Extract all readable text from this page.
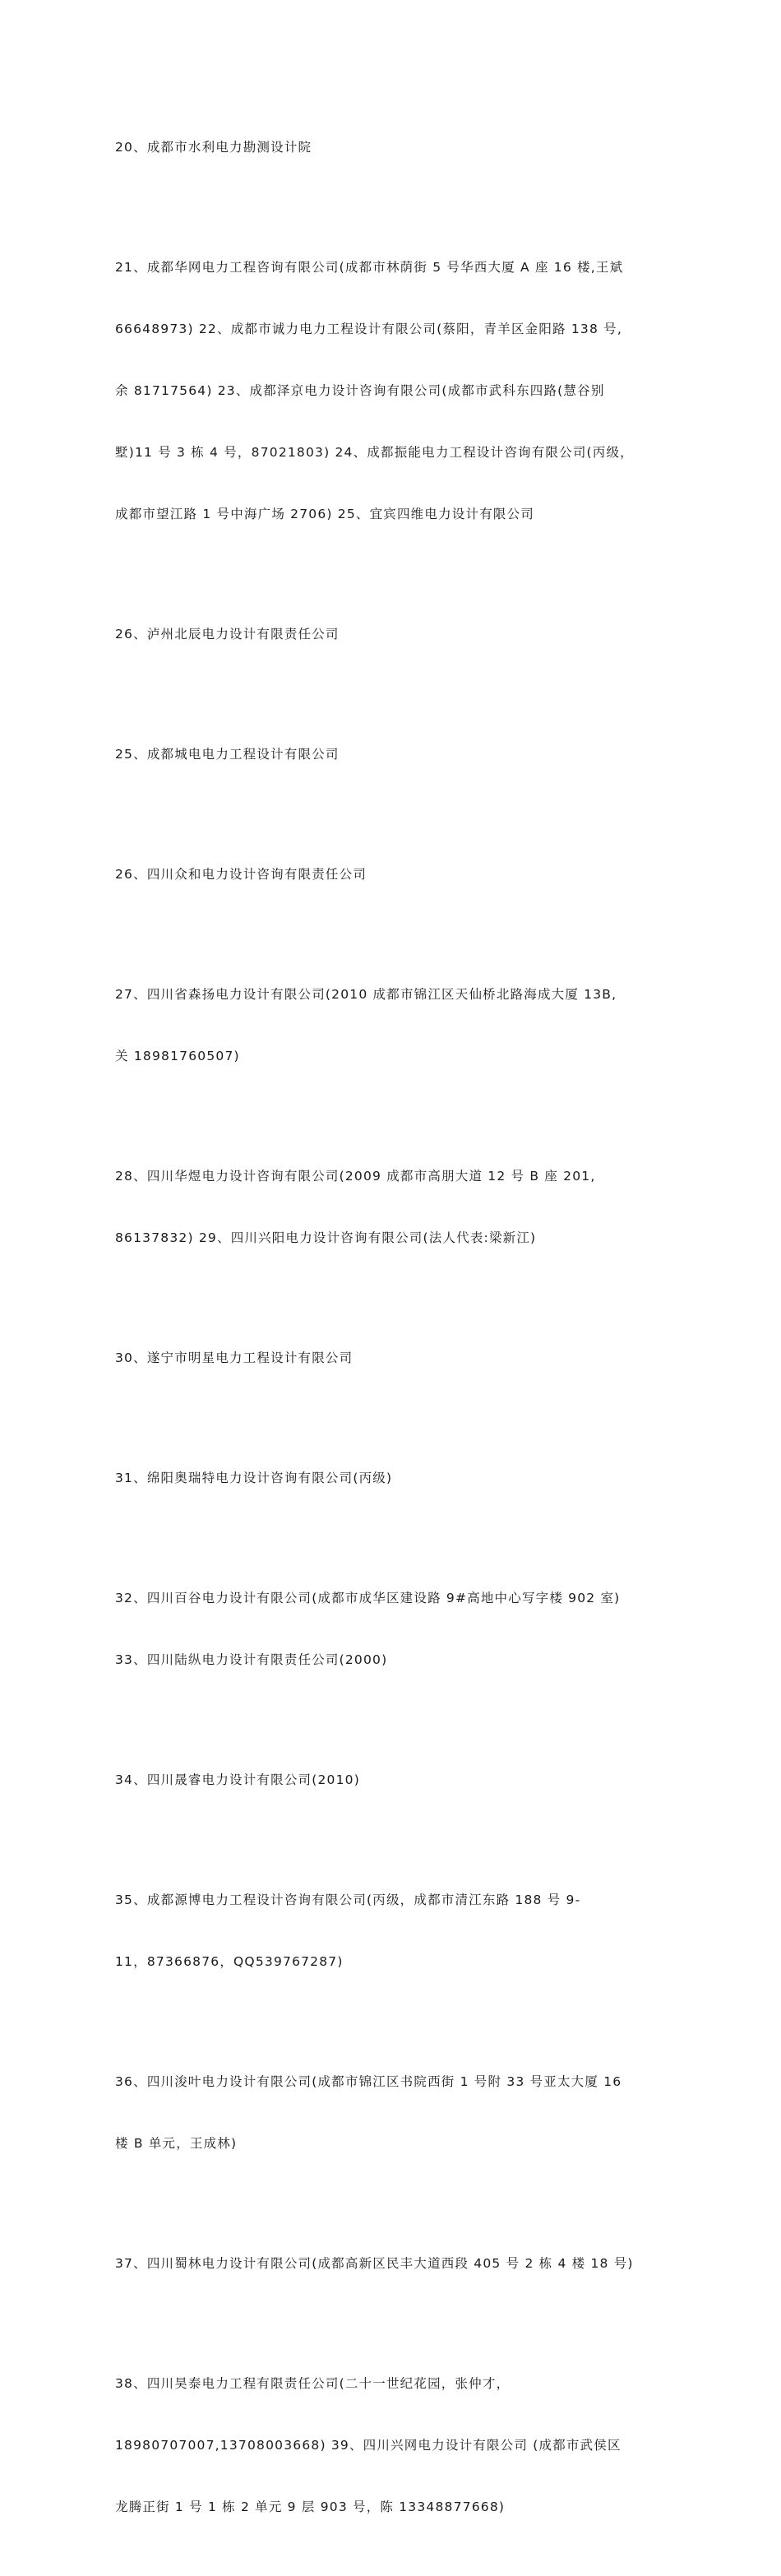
20、成都市水利电力勘测设计院

21、成都华网电力工程咨询有限公司(成都市林荫街 5 号华西大厦 A 座 16 楼,王斌

66648973) 22、成都市诚力电力工程设计有限公司(蔡阳，青羊区金阳路 138 号,

余 81717564) 23、成都泽京电力设计咨询有限公司(成都市武科东四路(慧谷别

墅)11 号 3 栋 4 号，87021803) 24、成都振能电力工程设计咨询有限公司(丙级，

成都市望江路 1 号中海广场 2706) 25、宜宾四维电力设计有限公司

26、泸州北辰电力设计有限责任公司

25、成都城电电力工程设计有限公司

26、四川众和电力设计咨询有限责任公司

27、四川省森扬电力设计有限公司(2010 成都市锦江区天仙桥北路海成大厦 13B,

关 18981760507)

28、四川华煜电力设计咨询有限公司(2009 成都市高朋大道 12 号 B 座 201,

86137832) 29、四川兴阳电力设计咨询有限公司(法人代表:梁新江)

30、遂宁市明星电力工程设计有限公司

31、绵阳奥瑞特电力设计咨询有限公司(丙级)

32、四川百谷电力设计有限公司(成都市成华区建设路 9#高地中心写字楼 902 室)

33、四川陆纵电力设计有限责任公司(2000)

34、四川晟睿电力设计有限公司(2010)

35、成都源博电力工程设计咨询有限公司(丙级，成都市清江东路 188 号 9-

11，87366876，QQ539767287)

36、四川浚叶电力设计有限公司(成都市锦江区书院西街 1 号附 33 号亚太大厦 16

楼 B 单元，王成林)

37、四川蜀林电力设计有限公司(成都高新区民丰大道西段 405 号 2 栋 4 楼 18 号)

38、四川昊泰电力工程有限责任公司(二十一世纪花园，张仲才，

18980707007,13708003668) 39、四川兴网电力设计有限公司 (成都市武侯区

龙腾正街 1 号 1 栋 2 单元 9 层 903 号，陈 13348877668)
